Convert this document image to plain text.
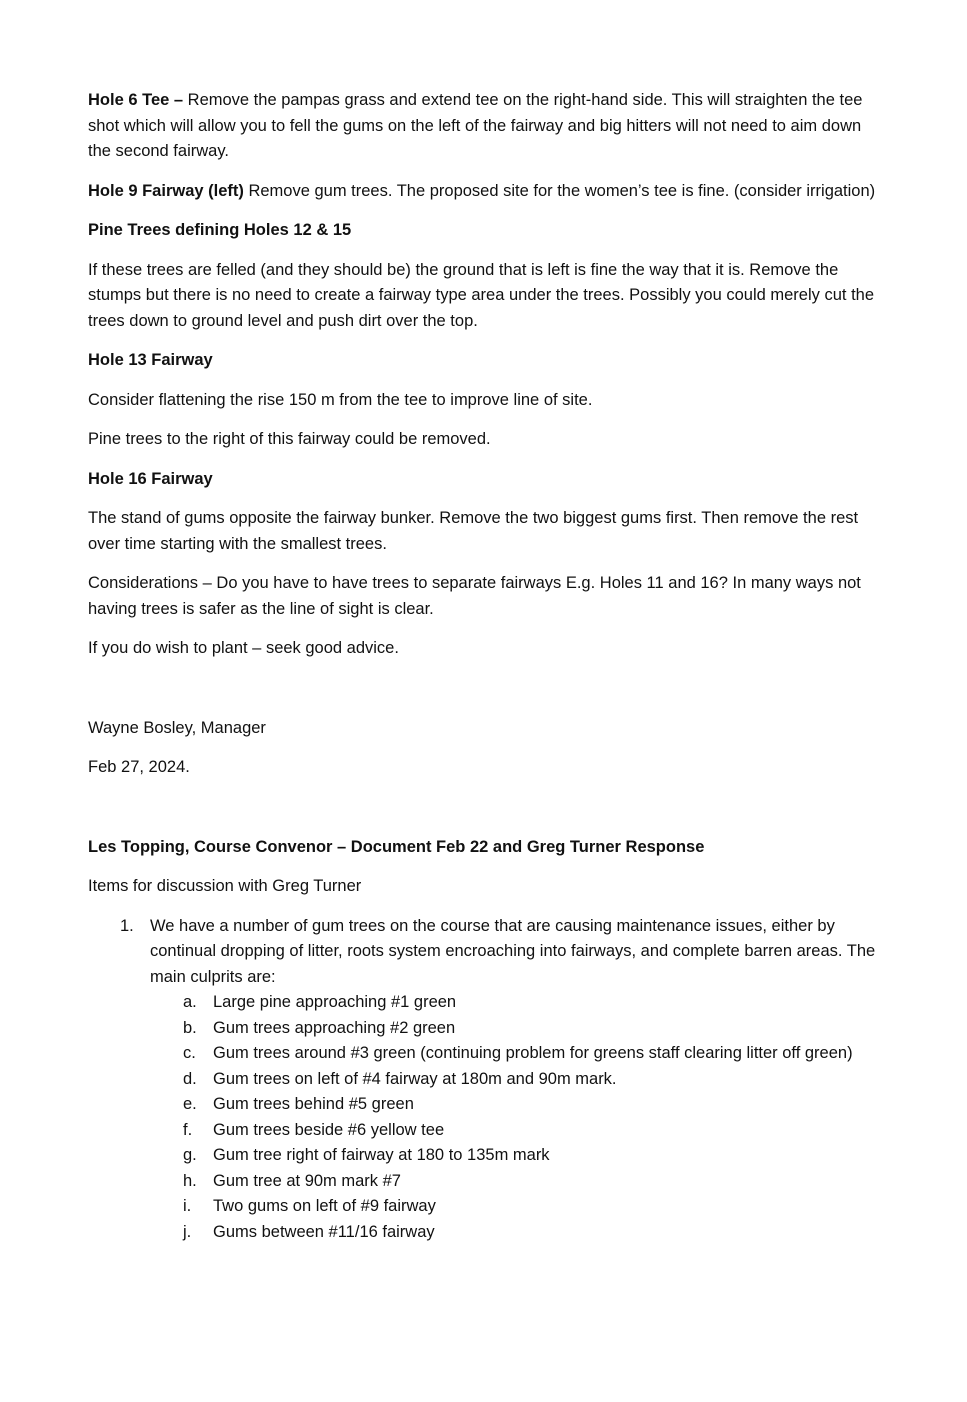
Hole 6 Tee – Remove the pampas grass and extend tee on the right-hand side. This will straighten the tee shot which will allow you to fell the gums on the left of the fairway and big hitters will not need to aim down the second fairway.

Hole 9 Fairway (left) Remove gum trees. The proposed site for the women’s tee is fine. (consider irrigation)

Pine Trees defining Holes 12 & 15

If these trees are felled (and they should be) the ground that is left is fine the way that it is. Remove the stumps but there is no need to create a fairway type area under the trees. Possibly you could merely cut the trees down to ground level and push dirt over the top.

Hole 13 Fairway

Consider flattening the rise 150 m from the tee to improve line of site.

Pine trees to the right of this fairway could be removed.

Hole 16 Fairway

The stand of gums opposite the fairway bunker. Remove the two biggest gums first. Then remove the rest over time starting with the smallest trees.

Considerations – Do you have to have trees to separate fairways E.g. Holes 11 and 16? In many ways not having trees is safer as the line of sight is clear.

If you do wish to plant – seek good advice.

Wayne Bosley, Manager

Feb 27, 2024.

Les Topping, Course Convenor – Document Feb 22 and Greg Turner Response

Items for discussion with Greg Turner

1. We have a number of gum trees on the course that are causing maintenance issues, either by continual dropping of litter, roots system encroaching into fairways, and complete barren areas. The main culprits are:
a. Large pine approaching #1 green
b. Gum trees approaching #2 green
c. Gum trees around #3 green (continuing problem for greens staff clearing litter off green)
d. Gum trees on left of #4 fairway at 180m and 90m mark.
e. Gum trees behind #5 green
f. Gum trees beside #6 yellow tee
g. Gum tree right of fairway at 180 to 135m mark
h. Gum tree at 90m mark #7
i. Two gums on left of #9 fairway
j. Gums between #11/16 fairway
